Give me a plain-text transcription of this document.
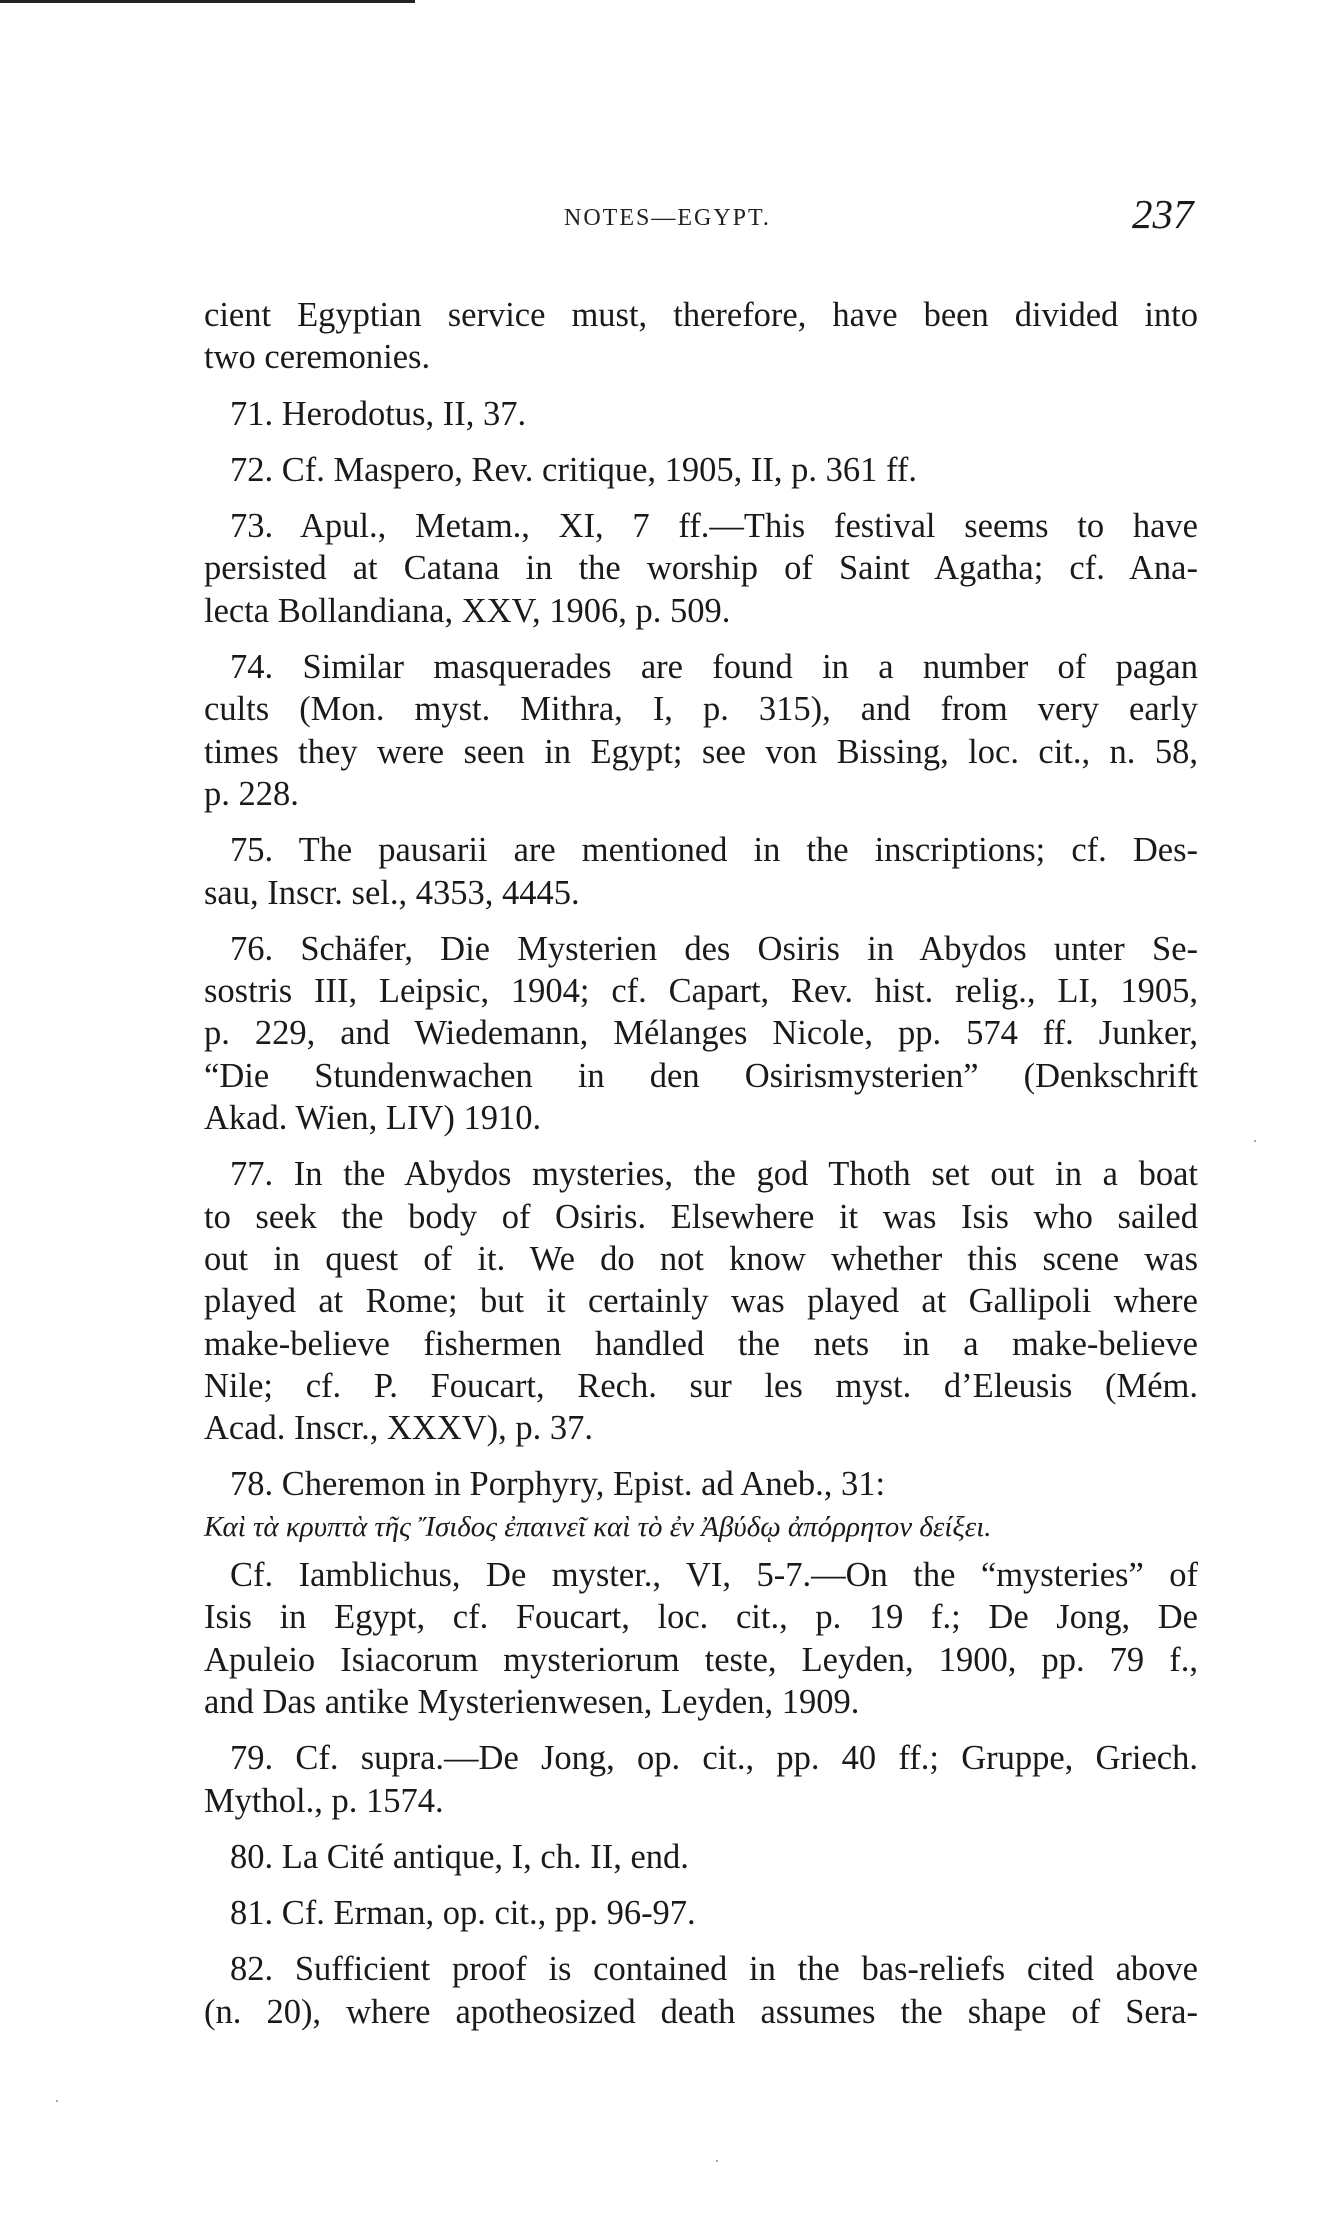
NOTES—EGYPT.	237
cient Egyptian service must, therefore, have been divided into
two ceremonies.
71. Herodotus, II, 37.
72. Cf. Maspero, Rev. critique, 1905, II, p. 361 ff.
73. Apul., Metam., XI, 7 ff.—This festival seems to have
persisted at Catana in the worship of Saint Agatha; cf. Ana-
lecta Bollandiana, XXV, 1906, p. 509.
74. Similar masquerades are found in a number of pagan
cults (Mon. myst. Mithra, I, p. 315), and from very early
times they were seen in Egypt; see von Bissing, loc. cit., n. 58,
p. 228.
75. The pausarii are mentioned in the inscriptions; cf. Des-
sau, Inscr. sel., 4353, 4445.
76. Schäfer, Die Mysterien des Osiris in Abydos unter Se-
sostris III, Leipsic, 1904; cf. Capart, Rev. hist. relig., LI, 1905,
p. 229, and Wiedemann, Mélanges Nicole, pp. 574 ff. Junker,
“Die Stundenwachen in den Osirismysterien” (Denkschrift
Akad. Wien, LIV) 1910.
77. In the Abydos mysteries, the god Thoth set out in a boat
to seek the body of Osiris. Elsewhere it was Isis who sailed
out in quest of it. We do not know whether this scene was
played at Rome; but it certainly was played at Gallipoli where
make-believe fishermen handled the nets in a make-believe
Nile; cf. P. Foucart, Rech. sur les myst. d’Eleusis (Mém.
Acad. Inscr., XXXV), p. 37.
78. Cheremon in Porphyry, Epist. ad Aneb., 31:
Καὶ τὰ κρυπτὰ τῆς Ἴσιδος ἐπαινεῖ καὶ τὸ ἐν Ἀβύδῳ ἀπόρρητον δείξει.
Cf. Iamblichus, De myster., VI, 5-7.—On the “mysteries” of
Isis in Egypt, cf. Foucart, loc. cit., p. 19 f.; De Jong, De
Apuleio Isiacorum mysteriorum teste, Leyden, 1900, pp. 79 f.,
and Das antike Mysterienwesen, Leyden, 1909.
79. Cf. supra.—De Jong, op. cit., pp. 40 ff.; Gruppe, Griech.
Mythol., p. 1574.
80. La Cité antique, I, ch. II, end.
81. Cf. Erman, op. cit., pp. 96-97.
82. Sufficient proof is contained in the bas-reliefs cited above
(n. 20), where apotheosized death assumes the shape of Sera-
